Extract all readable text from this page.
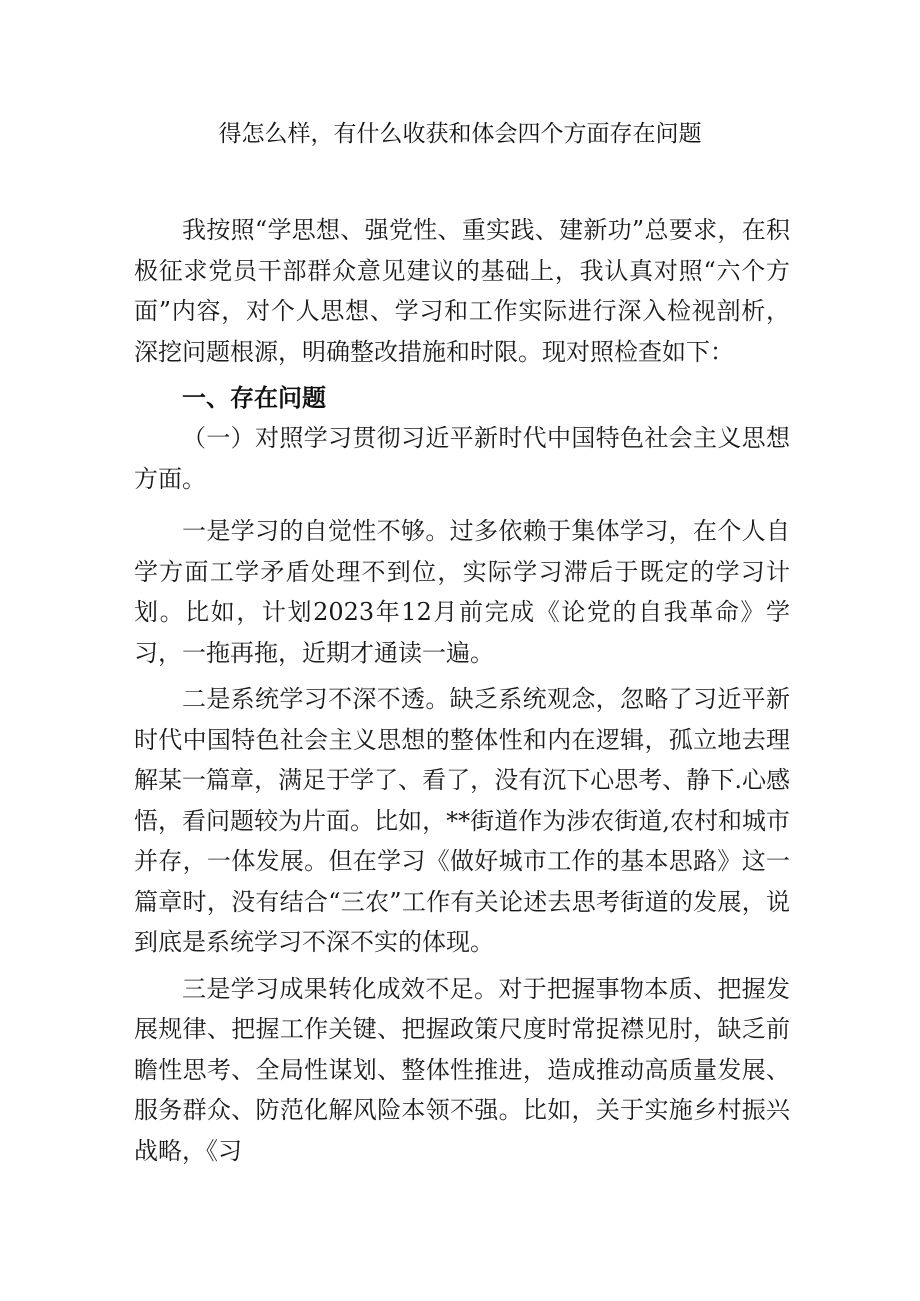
得怎么样，有什么收获和体会四个方面存在问题

我按照“学思想、强党性、重实践、建新功”总要求，在积极征求党员干部群众意见建议的基础上，我认真对照“六个方面”内容，对个人思想、学习和工作实际进行深入检视剖析，深挖问题根源，明确整改措施和时限。现对照检查如下：

一、存在问题

（一）对照学习贯彻习近平新时代中国特色社会主义思想方面。

一是学习的自觉性不够。过多依赖于集体学习，在个人自学方面工学矛盾处理不到位，实际学习滞后于既定的学习计划。比如，计划2023年12月前完成《论党的自我革命》学习，一拖再拖，近期才通读一遍。

二是系统学习不深不透。缺乏系统观念，忽略了习近平新时代中国特色社会主义思想的整体性和内在逻辑，孤立地去理解某一篇章，满足于学了、看了，没有沉下心思考、静下.心感悟，看问题较为片面。比如，**街道作为涉农街道,农村和城市并存，一体发展。但在学习《做好城市工作的基本思路》这一篇章时，没有结合“三农”工作有关论述去思考街道的发展，说到底是系统学习不深不实的体现。

三是学习成果转化成效不足。对于把握事物本质、把握发展规律、把握工作关键、把握政策尺度时常捉襟见肘，缺乏前瞻性思考、全局性谋划、整体性推进，造成推动高质量发展、服务群众、防范化解风险本领不强。比如，关于实施乡村振兴战略，《习
